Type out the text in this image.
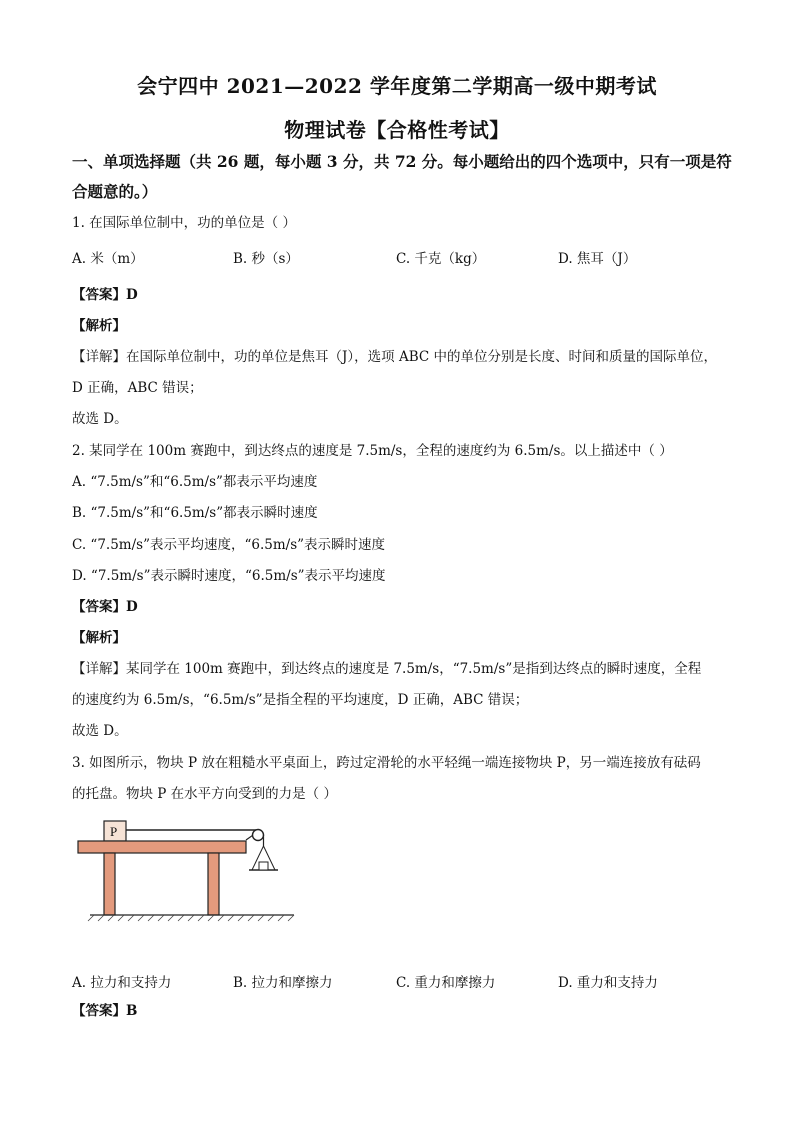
会宁四中 2021—2022 学年度第二学期高一级中期考试
物理试卷【合格性考试】
一、单项选择题（共 26 题，每小题 3 分，共 72 分。每小题给出的四个选项中，只有一项是符
合题意的。）
1. 在国际单位制中，功的单位是（ ）
A. 米（m）	B. 秒（s）	C. 千克（kg）	D. 焦耳（J）
【答案】D
【解析】
【详解】在国际单位制中，功的单位是焦耳（J），选项 ABC 中的单位分别是长度、时间和质量的国际单位，
D 正确，ABC 错误；
故选 D。
2. 某同学在 100m 赛跑中，到达终点的速度是 7.5m/s，全程的速度约为 6.5m/s。以上描述中（ ）
A. “7.5m/s”和“6.5m/s”都表示平均速度
B. “7.5m/s”和“6.5m/s”都表示瞬时速度
C. “7.5m/s”表示平均速度，“6.5m/s”表示瞬时速度
D. “7.5m/s”表示瞬时速度，“6.5m/s”表示平均速度
【答案】D
【解析】
【详解】某同学在 100m 赛跑中，到达终点的速度是 7.5m/s，“7.5m/s”是指到达终点的瞬时速度，全程
的速度约为 6.5m/s，“6.5m/s”是指全程的平均速度，D 正确，ABC 错误；
故选 D。
3. 如图所示，物块 P 放在粗糙水平桌面上，跨过定滑轮的水平轻绳一端连接物块 P，另一端连接放有砝码
的托盘。物块 P 在水平方向受到的力是（ ）
P
A. 拉力和支持力	B. 拉力和摩擦力	C. 重力和摩擦力	D. 重力和支持力
【答案】B
